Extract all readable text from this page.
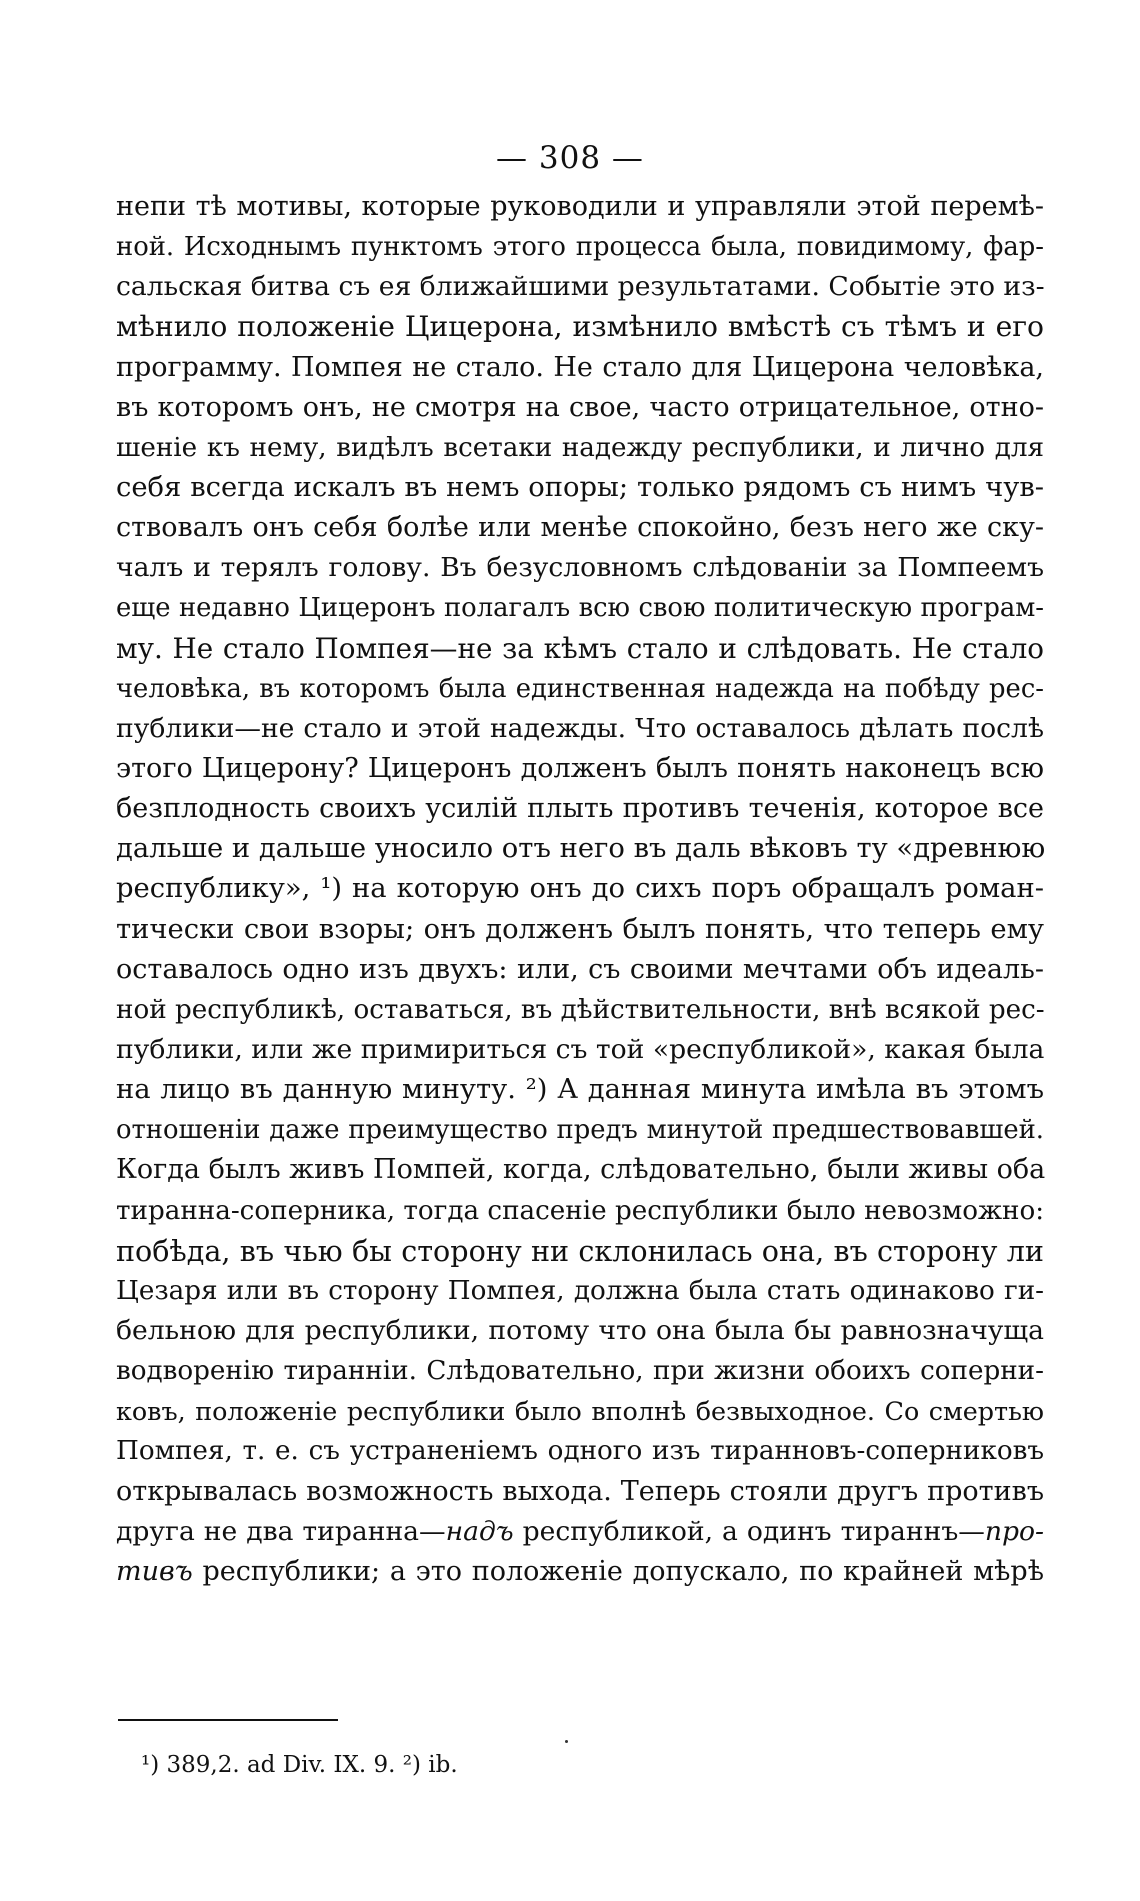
— 308 —
непи тѣ мотивы, которые руководили и управляли этой перемѣ-
ной. Исходнымъ пунктомъ этого процесса была, повидимому, фар-
сальская битва съ ея ближайшими результатами. Событіе это из-
мѣнило положеніе Цицерона, измѣнило вмѣстѣ съ тѣмъ и его
программу. Помпея не стало. Не стало для Цицерона человѣка,
въ которомъ онъ, не смотря на свое, часто отрицательное, отно-
шеніе къ нему, видѣлъ всетаки надежду республики, и лично для
себя всегда искалъ въ немъ опоры; только рядомъ съ нимъ чув-
ствовалъ онъ себя болѣе или менѣе спокойно, безъ него же ску-
чалъ и терялъ голову. Въ безусловномъ слѣдованіи за Помпеемъ
еще недавно Цицеронъ полагалъ всю свою политическую програм-
му. Не стало Помпея—не за кѣмъ стало и слѣдовать. Не стало
человѣка, въ которомъ была единственная надежда на побѣду рес-
публики—не стало и этой надежды. Что оставалось дѣлать послѣ
этого Цицерону? Цицеронъ долженъ былъ понять наконецъ всю
безплодность своихъ усилій плыть противъ теченія, которое все
дальше и дальше уносило отъ него въ даль вѣковъ ту «древнюю
республику», ¹) на которую онъ до сихъ поръ обращалъ роман-
тически свои взоры; онъ долженъ былъ понять, что теперь ему
оставалось одно изъ двухъ: или, съ своими мечтами объ идеаль-
ной республикѣ, оставаться, въ дѣйствительности, внѣ всякой рес-
публики, или же примириться съ той «республикой», какая была
на лицо въ данную минуту. ²) А данная минута имѣла въ этомъ
отношеніи даже преимущество предъ минутой предшествовавшей.
Когда былъ живъ Помпей, когда, слѣдовательно, были живы оба
тиранна-соперника, тогда спасеніе республики было невозможно:
побѣда, въ чью бы сторону ни склонилась она, въ сторону ли
Цезаря или въ сторону Помпея, должна была стать одинаково ги-
бельною для республики, потому что она была бы равнозначуща
водворенію тиранніи. Слѣдовательно, при жизни обоихъ соперни-
ковъ, положеніе республики было вполнѣ безвыходное. Со смертью
Помпея, т. е. съ устраненіемъ одного изъ тиранновъ-соперниковъ
открывалась возможность выхода. Теперь стояли другъ противъ
друга не два тиранна—надъ республикой, а одинъ тираннъ—про-
тивъ республики; а это положеніе допускало, по крайней мѣрѣ
¹) 389,2. ad Div. IX. 9. ²) ib.
